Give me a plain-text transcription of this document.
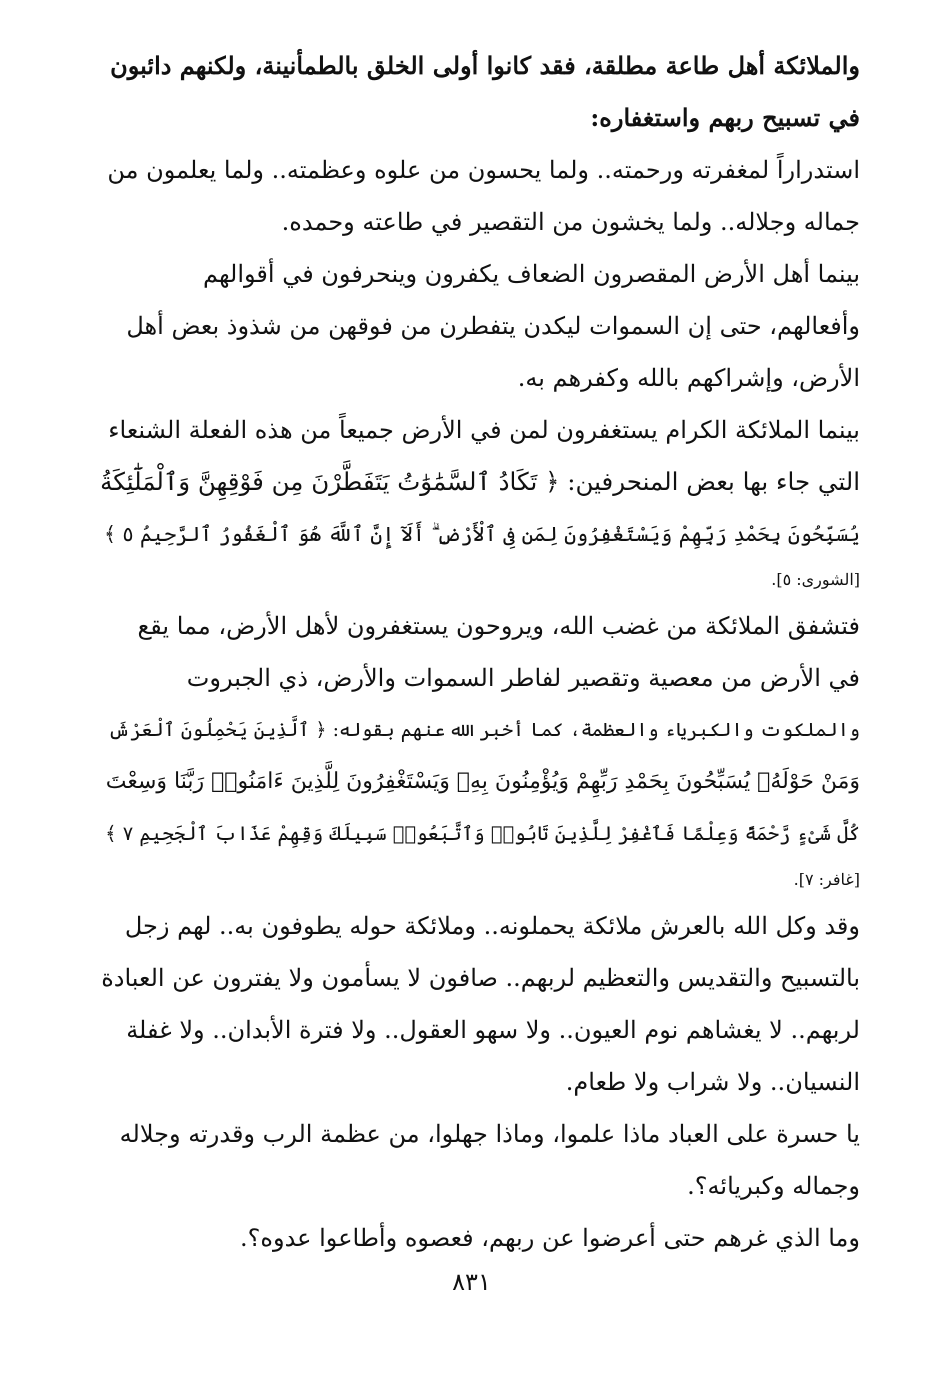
والملائكة أهل طاعة مطلقة، فقد كانوا أولى الخلق بالطمأنينة، ولكنهم دائبون
في تسبيح ربهم واستغفاره:
استدراراً لمغفرته ورحمته.. ولما يحسون من علوه وعظمته.. ولما يعلمون من
جماله وجلاله.. ولما يخشون من التقصير في طاعته وحمده.
بينما أهل الأرض المقصرون الضعاف يكفرون وينحرفون في أقوالهم
وأفعالهم، حتى إن السموات ليكدن يتفطرن من فوقهن من شذوذ بعض أهل
الأرض، وإشراكهم بالله وكفرهم به.
بينما الملائكة الكرام يستغفرون لمن في الأرض جميعاً من هذه الفعلة الشنعاء
التي جاء بها بعض المنحرفين: ﴿ تَكَادُ ٱلسَّمَٰوَٰتُ يَتَفَطَّرْنَ مِن فَوْقِهِنَّ وَٱلْمَلَٰٓئِكَةُ
يُسَبِّحُونَ بِحَمْدِ رَبِّهِمْ وَيَسْتَغْفِرُونَ لِمَن فِى ٱلْأَرْضِ ۗ أَلَآ إِنَّ ٱللَّهَ هُوَ ٱلْغَفُورُ ٱلرَّحِيمُ ٥ ﴾
[الشورى: ٥].
فتشفق الملائكة من غضب الله، ويروحون يستغفرون لأهل الأرض، مما يقع
في الأرض من معصية وتقصير لفاطر السموات والأرض، ذي الجبروت
والملكوت والكبرياء والعظمة، كما أخبر الله عنهم بقوله: ﴿ ٱلَّذِينَ يَحْمِلُونَ ٱلْعَرْشَ
وَمَنْ حَوْلَهُۥ يُسَبِّحُونَ بِحَمْدِ رَبِّهِمْ وَيُؤْمِنُونَ بِهِۦ وَيَسْتَغْفِرُونَ لِلَّذِينَ ءَامَنُوا۟ رَبَّنَا وَسِعْتَ
كُلَّ شَىْءٍ رَّحْمَةً وَعِلْمًا فَٱغْفِرْ لِلَّذِينَ تَابُوا۟ وَٱتَّبَعُوا۟ سَبِيلَكَ وَقِهِمْ عَذَابَ ٱلْجَحِيمِ ٧ ﴾
[غافر: ٧].
وقد وكل الله بالعرش ملائكة يحملونه.. وملائكة حوله يطوفون به.. لهم زجل
بالتسبيح والتقديس والتعظيم لربهم.. صافون لا يسأمون ولا يفترون عن العبادة
لربهم.. لا يغشاهم نوم العيون.. ولا سهو العقول.. ولا فترة الأبدان.. ولا غفلة
النسيان.. ولا شراب ولا طعام.
يا حسرة على العباد ماذا علموا، وماذا جهلوا، من عظمة الرب وقدرته وجلاله
وجماله وكبريائه؟.
وما الذي غرهم حتى أعرضوا عن ربهم، فعصوه وأطاعوا عدوه؟.
٨٣١
